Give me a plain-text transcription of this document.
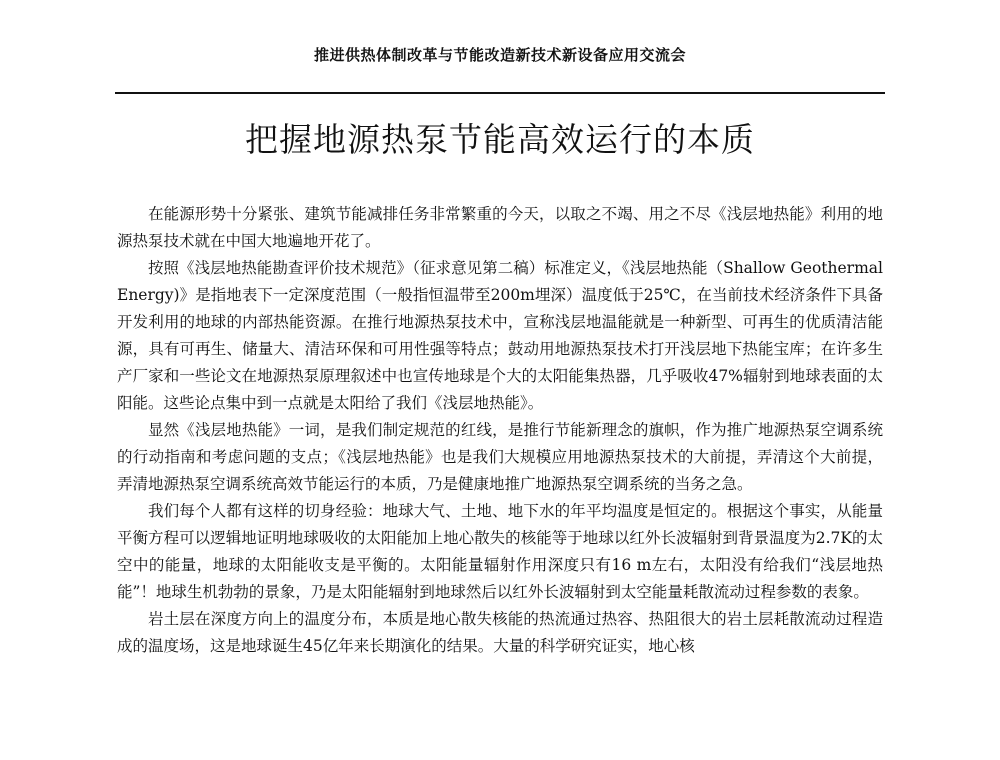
推进供热体制改革与节能改造新技术新设备应用交流会
把握地源热泵节能高效运行的本质

在能源形势十分紧张、建筑节能减排任务非常繁重的今天，以取之不竭、用之不尽《浅层地热能》利用的地源热泵技术就在中国大地遍地开花了。

按照《浅层地热能勘查评价技术规范》（征求意见第二稿）标准定义，《浅层地热能（Shallow Geothermal Energy)》是指地表下一定深度范围（一般指恒温带至200m埋深）温度低于25℃，在当前技术经济条件下具备开发利用的地球的内部热能资源。在推行地源热泵技术中，宣称浅层地温能就是一种新型、可再生的优质清洁能源，具有可再生、储量大、清洁环保和可用性强等特点；鼓动用地源热泵技术打开浅层地下热能宝库；在许多生产厂家和一些论文在地源热泵原理叙述中也宣传地球是个大的太阳能集热器，几乎吸收47%辐射到地球表面的太阳能。这些论点集中到一点就是太阳给了我们《浅层地热能》。

显然《浅层地热能》一词，是我们制定规范的红线，是推行节能新理念的旗帜，作为推广地源热泵空调系统的行动指南和考虑问题的支点；《浅层地热能》也是我们大规模应用地源热泵技术的大前提，弄清这个大前提，弄清地源热泵空调系统高效节能运行的本质，乃是健康地推广地源热泵空调系统的当务之急。

我们每个人都有这样的切身经验：地球大气、土地、地下水的年平均温度是恒定的。根据这个事实，从能量平衡方程可以逻辑地证明地球吸收的太阳能加上地心散失的核能等于地球以红外长波辐射到背景温度为2.7K的太空中的能量，地球的太阳能收支是平衡的。太阳能量辐射作用深度只有16 m左右，太阳没有给我们“浅层地热能”！地球生机勃勃的景象，乃是太阳能辐射到地球然后以红外长波辐射到太空能量耗散流动过程参数的表象。

岩土层在深度方向上的温度分布，本质是地心散失核能的热流通过热容、热阻很大的岩土层耗散流动过程造成的温度场，这是地球诞生45亿年来长期演化的结果。大量的科学研究证实，地心核
